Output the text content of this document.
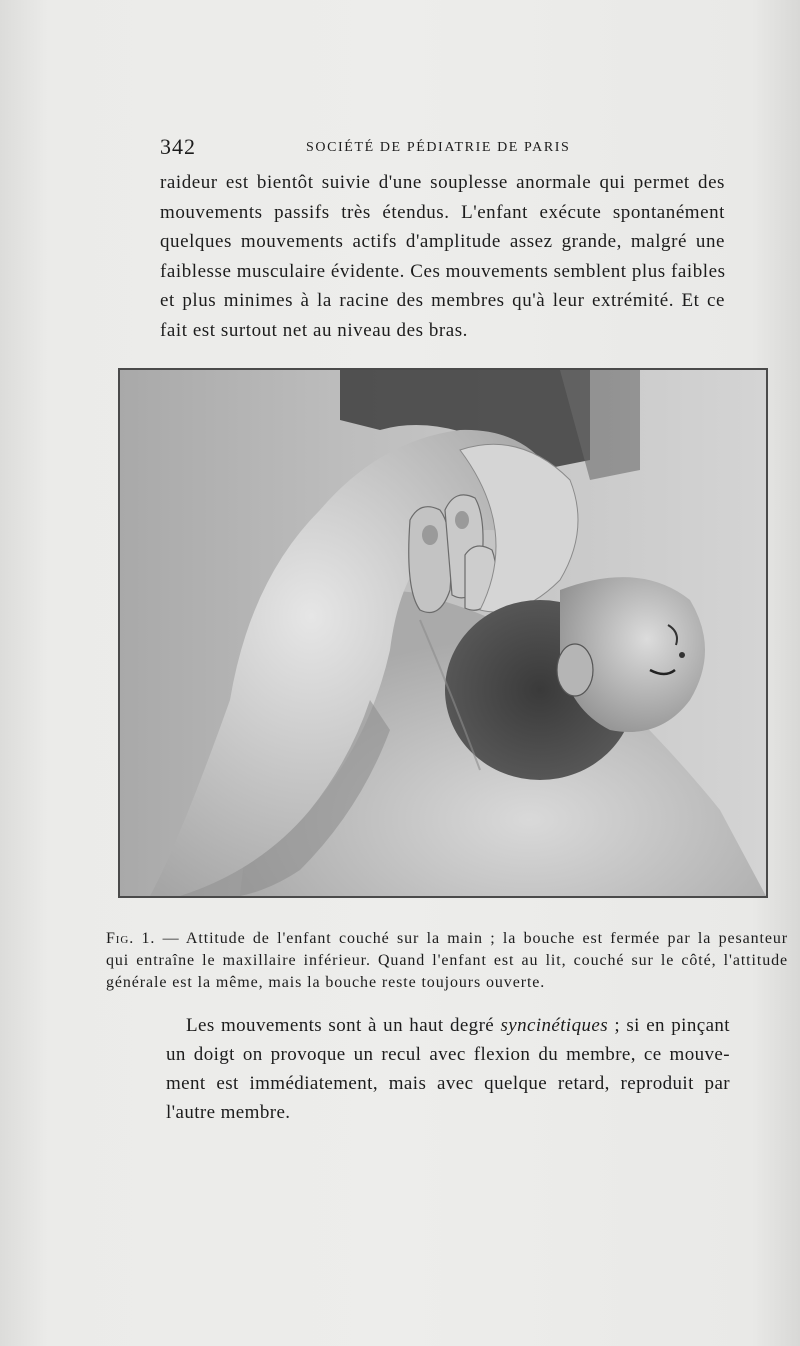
342	SOCIÉTÉ DE PÉDIATRIE DE PARIS
raideur est bientôt suivie d'une souplesse anormale qui permet des
mouvements passifs très étendus. L'enfant exécute spontanément
quelques mouvements actifs d'amplitude assez grande, malgré une
faiblesse musculaire évidente. Ces mouvements semblent plus faibles
et plus minimes à la racine des membres qu'à leur extrémité. Et ce
fait est surtout net au niveau des bras.
Fig. 1. — Attitude de l'enfant couché sur la main ; la bouche est fermée par la pesanteur
qui entraîne le maxillaire inférieur. Quand l'enfant est au lit, couché sur le côté, l'attitude
générale est la même, mais la bouche reste toujours ouverte.
Les mouvements sont à un haut degré syncinétiques ; si en pinçant
un doigt on provoque un recul avec flexion du membre, ce mouve-
ment est immédiatement, mais avec quelque retard, reproduit par
l'autre membre.
